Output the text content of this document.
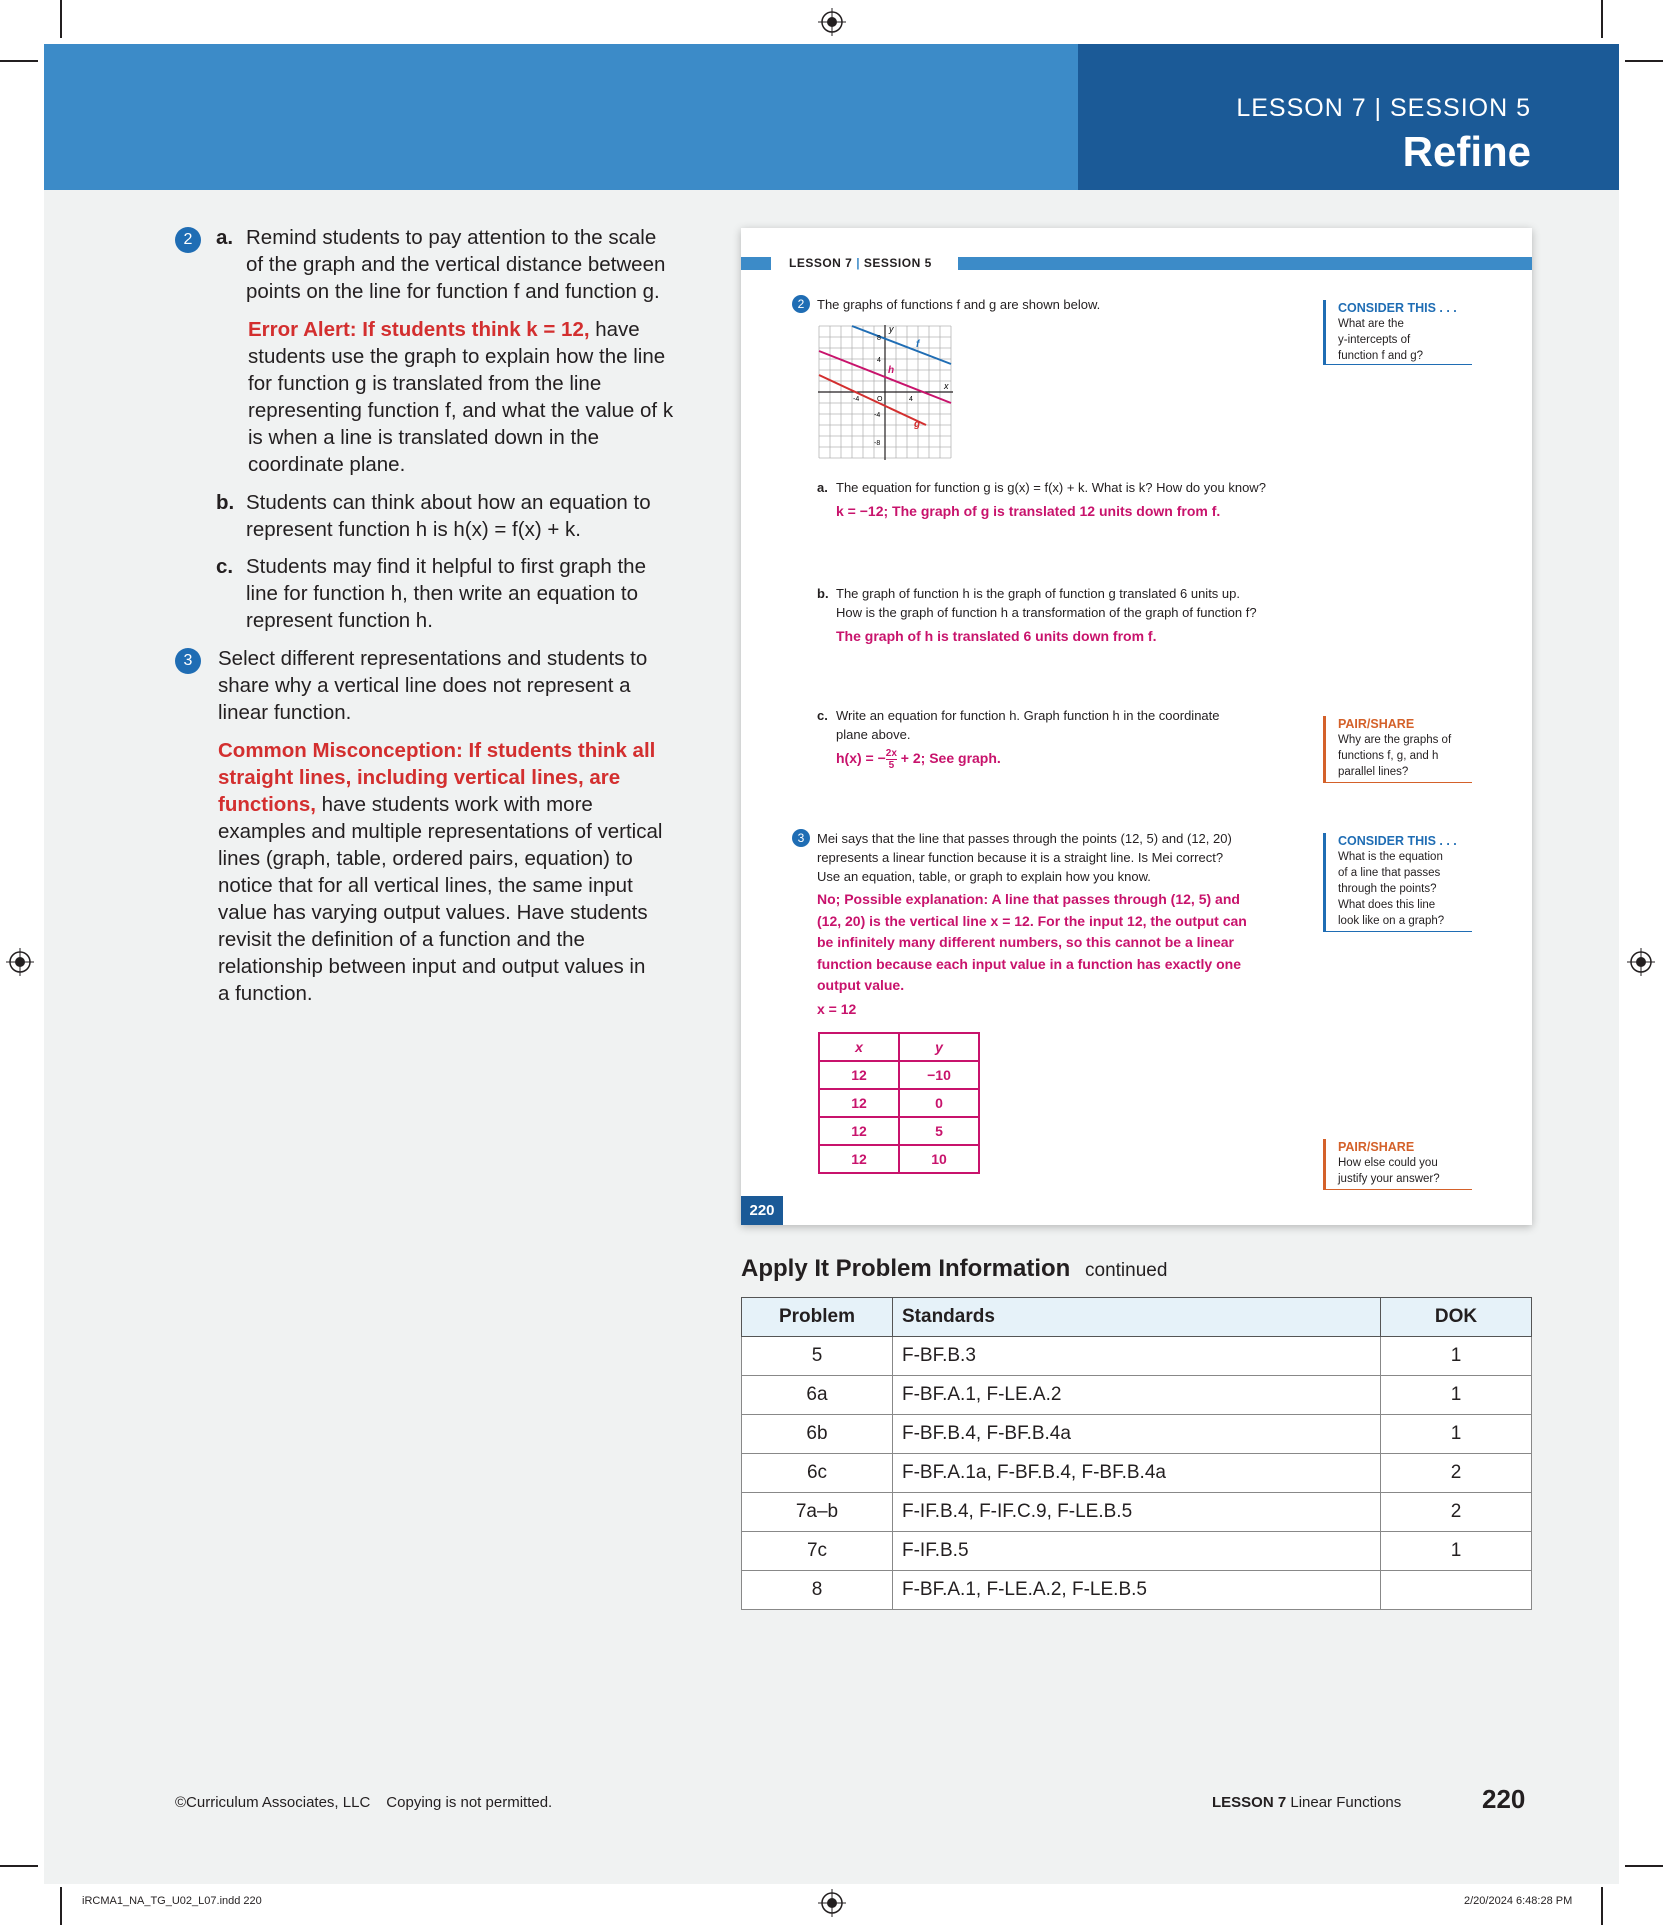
LESSON 7 | SESSION 5
Refine
2	a. Remind students to pay attention to the scale
of the graph and the vertical distance between
points on the line for function f and function g.
Error Alert: If students think k = 12, have
students use the graph to explain how the line
for function g is translated from the line
representing function f, and what the value of k
is when a line is translated down in the
coordinate plane.
b. Students can think about how an equation to
represent function h is h(x) = f(x) + k.
c. Students may find it helpful to first graph the
line for function h, then write an equation to
represent function h.
3	Select different representations and students to
share why a vertical line does not represent a
linear function.
Common Misconception: If students think all
straight lines, including vertical lines, are
functions, have students work with more
examples and multiple representations of vertical
lines (graph, table, ordered pairs, equation) to
notice that for all vertical lines, the same input
value has varying output values. Have students
revisit the definition of a function and the
relationship between input and output values in
a function.
LESSON 7 | SESSION 5
2 The graphs of functions f and g are shown below.
y
x
8
4
-4	O	4
-4
-8
f
h
g
a. The equation for function g is g(x) = f(x) + k. What is k? How do you know?
k = −12; The graph of g is translated 12 units down from f.
b. The graph of function h is the graph of function g translated 6 units up.
How is the graph of function h a transformation of the graph of function f?
The graph of h is translated 6 units down from f.
c. Write an equation for function h. Graph function h in the coordinate
plane above.
h(x) = − $\frac{2x}{5} + 2$; See graph.
3 Mei says that the line that passes through the points (12, 5) and (12, 20)
represents a linear function because it is a straight line. Is Mei correct?
Use an equation, table, or graph to explain how you know.
No; Possible explanation: A line that passes through (12, 5) and
(12, 20) is the vertical line x = 12. For the input 12, the output can
be infinitely many different numbers, so this cannot be a linear
function because each input value in a function has exactly one
output value.
x = 12
x	y
12	−10
12	0
12	5
12	10
220
CONSIDER THIS . . .
What are the
y-intercepts of
function f and g?
PAIR/SHARE
Why are the graphs of
functions f, g, and h
parallel lines?
CONSIDER THIS . . .
What is the equation
of a line that passes
through the points?
What does this line
look like on a graph?
PAIR/SHARE
How else could you
justify your answer?
Apply It Problem Information continued
Problem	Standards	DOK
5	F-BF.B.3	1
6a	F-BF.A.1, F-LE.A.2	1
6b	F-BF.B.4, F-BF.B.4a	1
6c	F-BF.A.1a, F-BF.B.4, F-BF.B.4a	2
7a–b	F-IF.B.4, F-IF.C.9, F-LE.B.5	2
7c	F-IF.B.5	1
8	F-BF.A.1, F-LE.A.2, F-LE.B.5	
©Curriculum Associates, LLC Copying is not permitted.	LESSON 7 Linear Functions	220
iRCMA1_NA_TG_U02_L07.indd 220	2/20/2024 6:48:28 PM
